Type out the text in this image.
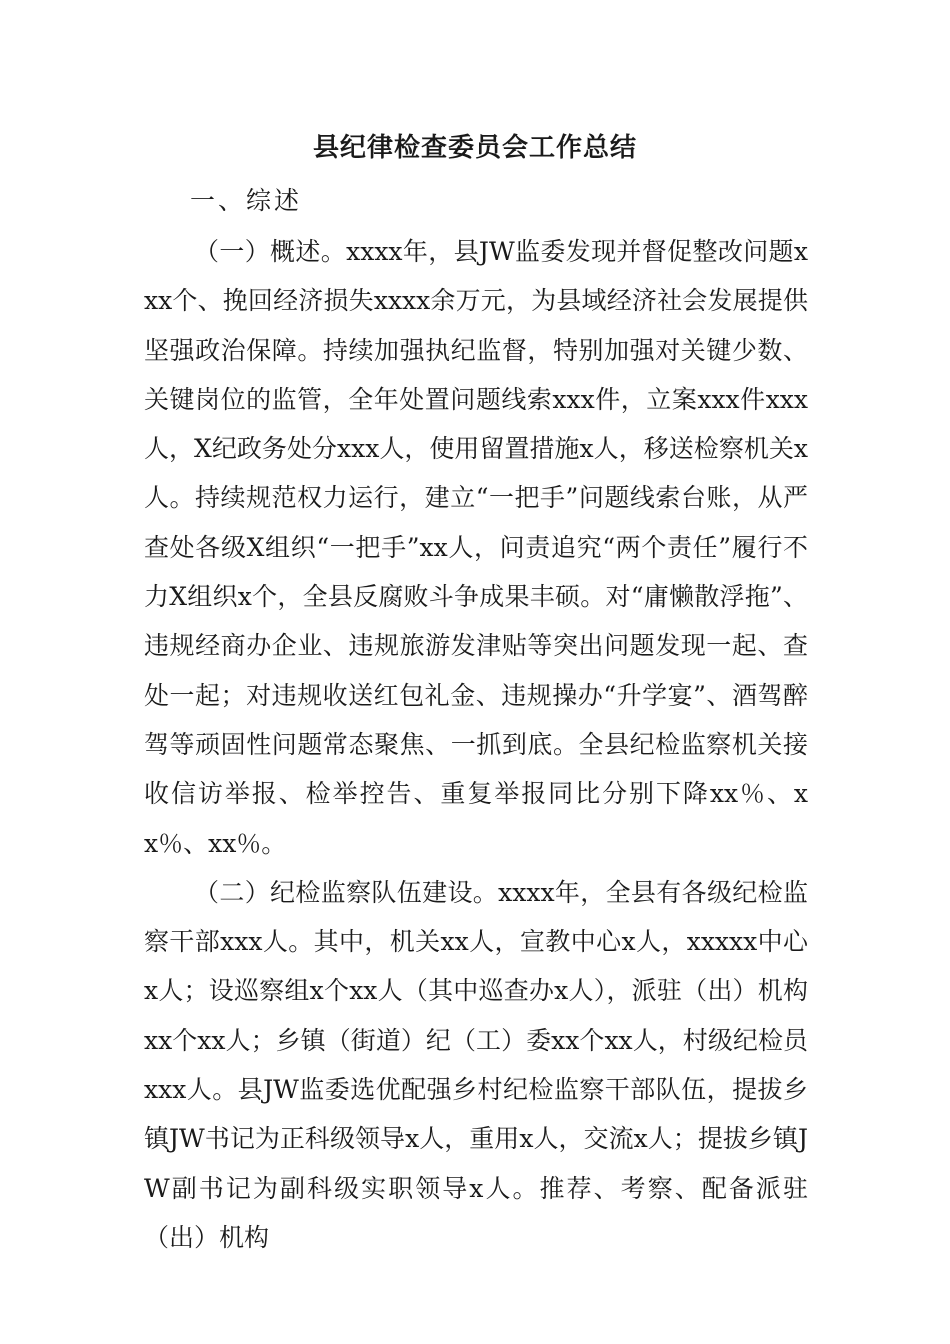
县纪律检查委员会工作总结
一、综述

（一）概述。xxxx年，县JW监委发现并督促整改问题xxx个、挽回经济损失xxxx余万元，为县域经济社会发展提供坚强政治保障。持续加强执纪监督，特别加强对关键少数、关键岗位的监管，全年处置问题线索xxx件，立案xxx件xxx人，X纪政务处分xxx人，使用留置措施x人，移送检察机关x人。持续规范权力运行，建立“一把手”问题线索台账，从严查处各级X组织“一把手”xx人，问责追究“两个责任”履行不力X组织x个，全县反腐败斗争成果丰硕。对“庸懒散浮拖”、违规经商办企业、违规旅游发津贴等突出问题发现一起、查处一起；对违规收送红包礼金、违规操办“升学宴”、酒驾醉驾等顽固性问题常态聚焦、一抓到底。全县纪检监察机关接收信访举报、检举控告、重复举报同比分别下降xx％、xx％、xx％。

（二）纪检监察队伍建设。xxxx年，全县有各级纪检监察干部xxx人。其中，机关xx人，宣教中心x人，xxxxx中心x人；设巡察组x个xx人（其中巡查办x人），派驻（出）机构xx个xx人；乡镇（街道）纪（工）委xx个xx人，村级纪检员xxx人。县JW监委选优配强乡村纪检监察干部队伍，提拔乡镇JW书记为正科级领导x人，重用x人，交流x人；提拔乡镇JW副书记为副科级实职领导x人。推荐、考察、配备派驻（出）机构
